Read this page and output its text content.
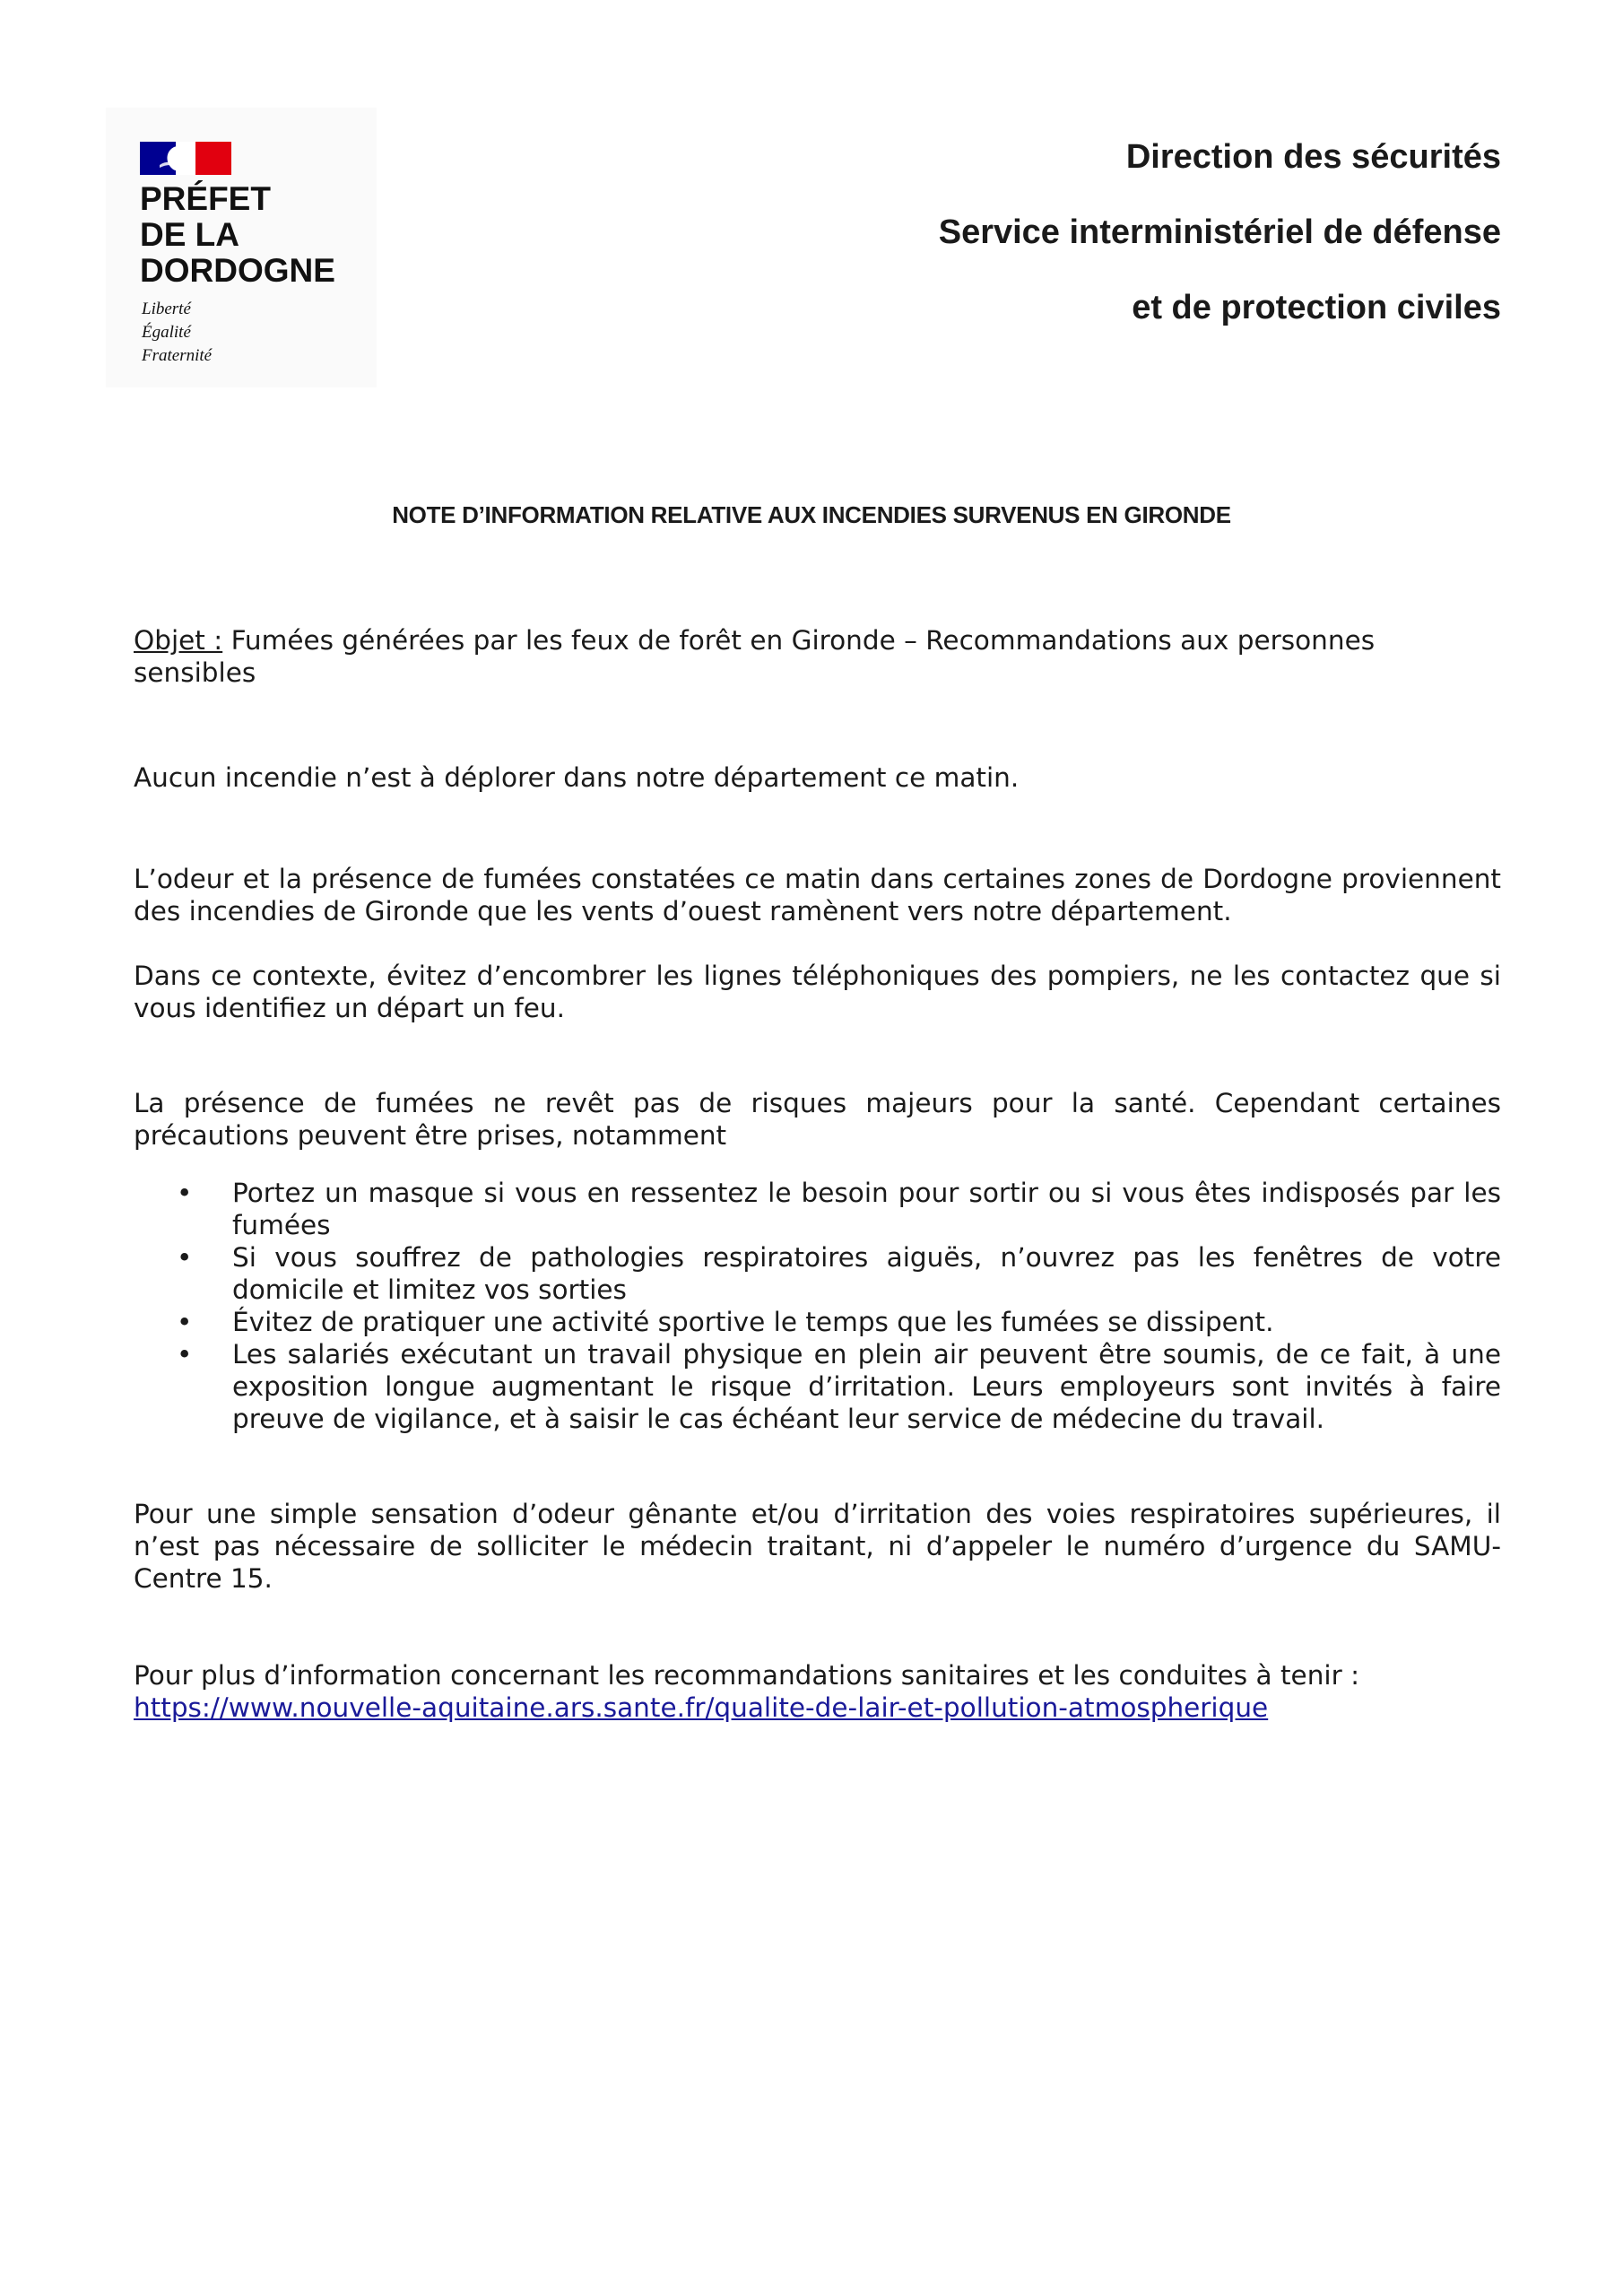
PRÉFET
DE LA
DORDOGNE
Liberté
Égalité
Fraternité
Direction des sécurités
Service interministériel de défense
et de protection civiles
NOTE D’INFORMATION RELATIVE AUX INCENDIES SURVENUS EN GIRONDE
Objet : Fumées générées par les feux de forêt en Gironde – Recommandations aux personnes sensibles
Aucun incendie n’est à déplorer dans notre département ce matin.
L’odeur et la présence de fumées constatées ce matin dans certaines zones de Dordogne proviennent des incendies de Gironde que les vents d’ouest ramènent vers notre département.
Dans ce contexte, évitez d’encombrer les lignes téléphoniques des pompiers, ne les contactez que si vous identifiez un départ un feu.
La présence de fumées ne revêt pas de risques majeurs pour la santé. Cependant certaines précautions peuvent être prises, notamment
• Portez un masque si vous en ressentez le besoin pour sortir ou si vous êtes indisposés par les fumées
• Si vous souffrez de pathologies respiratoires aiguës, n’ouvrez pas les fenêtres de votre domicile et limitez vos sorties
• Évitez de pratiquer une activité sportive le temps que les fumées se dissipent.
• Les salariés exécutant un travail physique en plein air peuvent être soumis, de ce fait, à une exposition longue augmentant le risque d’irritation. Leurs employeurs sont invités à faire preuve de vigilance, et à saisir le cas échéant leur service de médecine du travail.
Pour une simple sensation d’odeur gênante et/ou d’irritation des voies respiratoires supérieures, il n’est pas nécessaire de solliciter le médecin traitant, ni d’appeler le numéro d’urgence du SAMU-Centre 15.
Pour plus d’information concernant les recommandations sanitaires et les conduites à tenir :
https://www.nouvelle-aquitaine.ars.sante.fr/qualite-de-lair-et-pollution-atmospherique
